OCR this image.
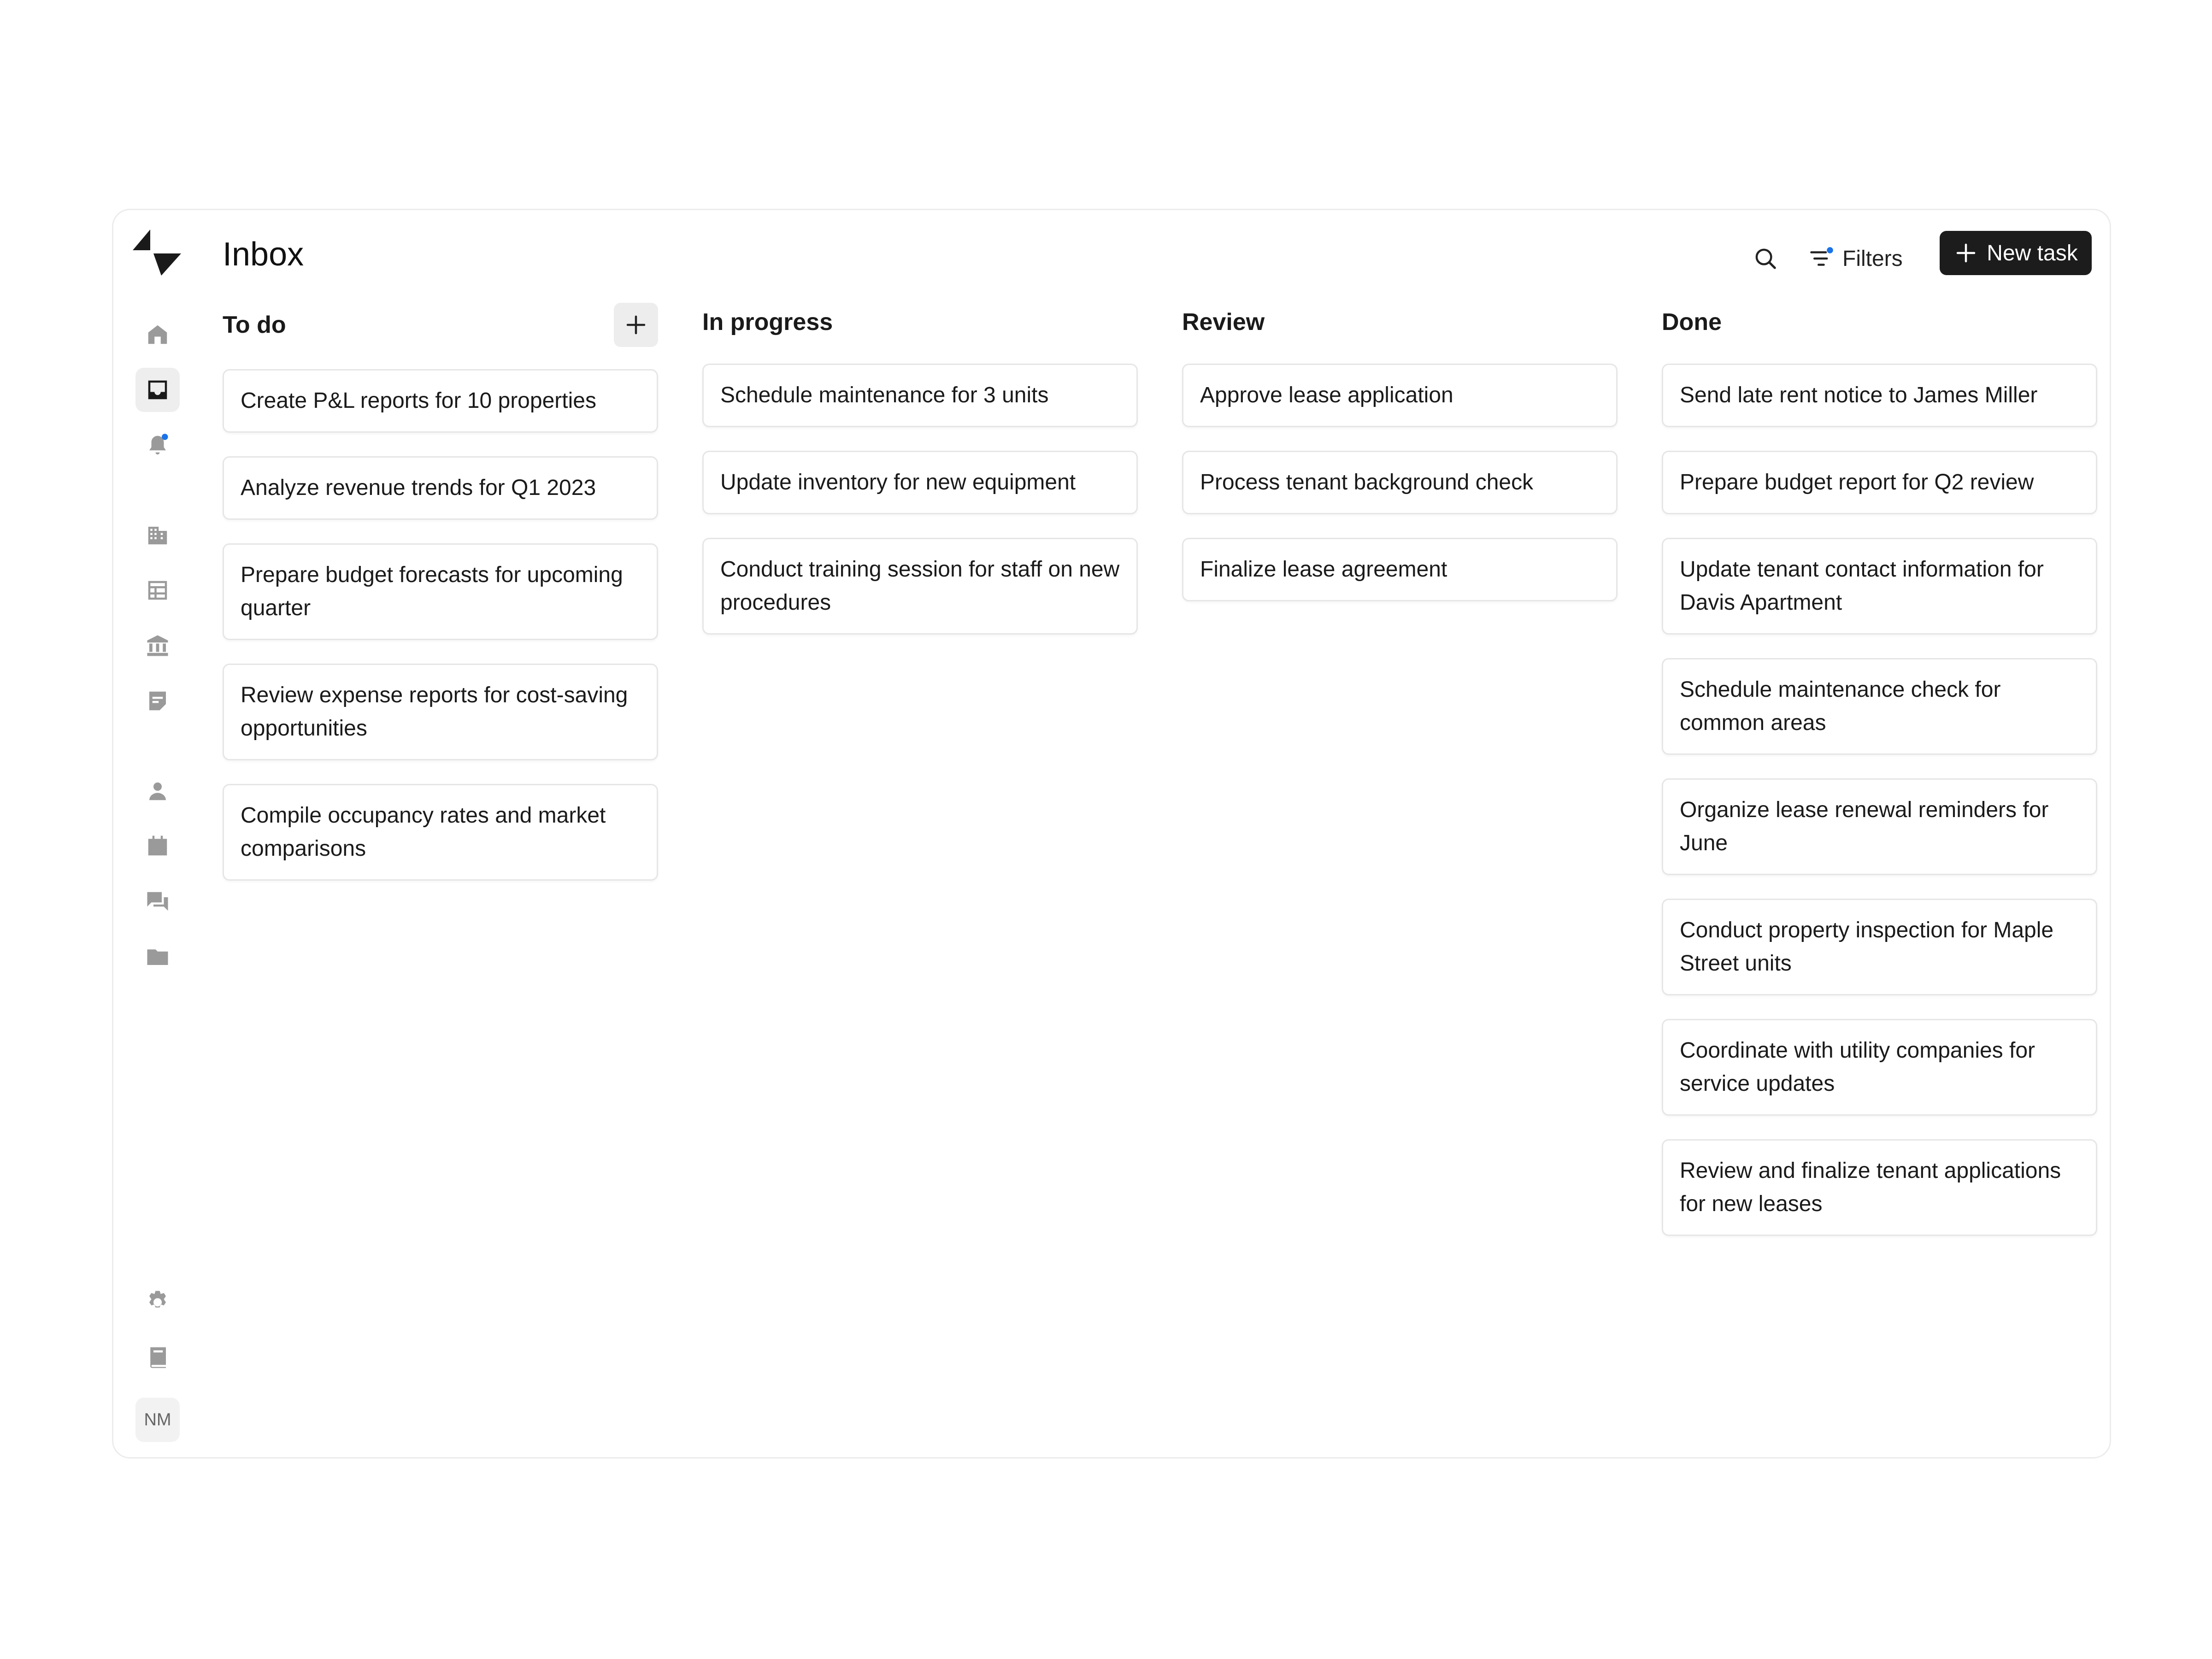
NM
Inbox	Filters	New task
To do
Create P&L reports for 10 properties
Analyze revenue trends for Q1 2023
Prepare budget forecasts for upcoming quarter
Review expense reports for cost-saving opportunities
Compile occupancy rates and market comparisons
In progress
Schedule maintenance for 3 units
Update inventory for new equipment
Conduct training session for staff on new procedures
Review
Approve lease application
Process tenant background check
Finalize lease agreement
Done
Send late rent notice to James Miller
Prepare budget report for Q2 review
Update tenant contact information for Davis Apartment
Schedule maintenance check for common areas
Organize lease renewal reminders for June
Conduct property inspection for Maple Street units
Coordinate with utility companies for service updates
Review and finalize tenant applications for new leases
